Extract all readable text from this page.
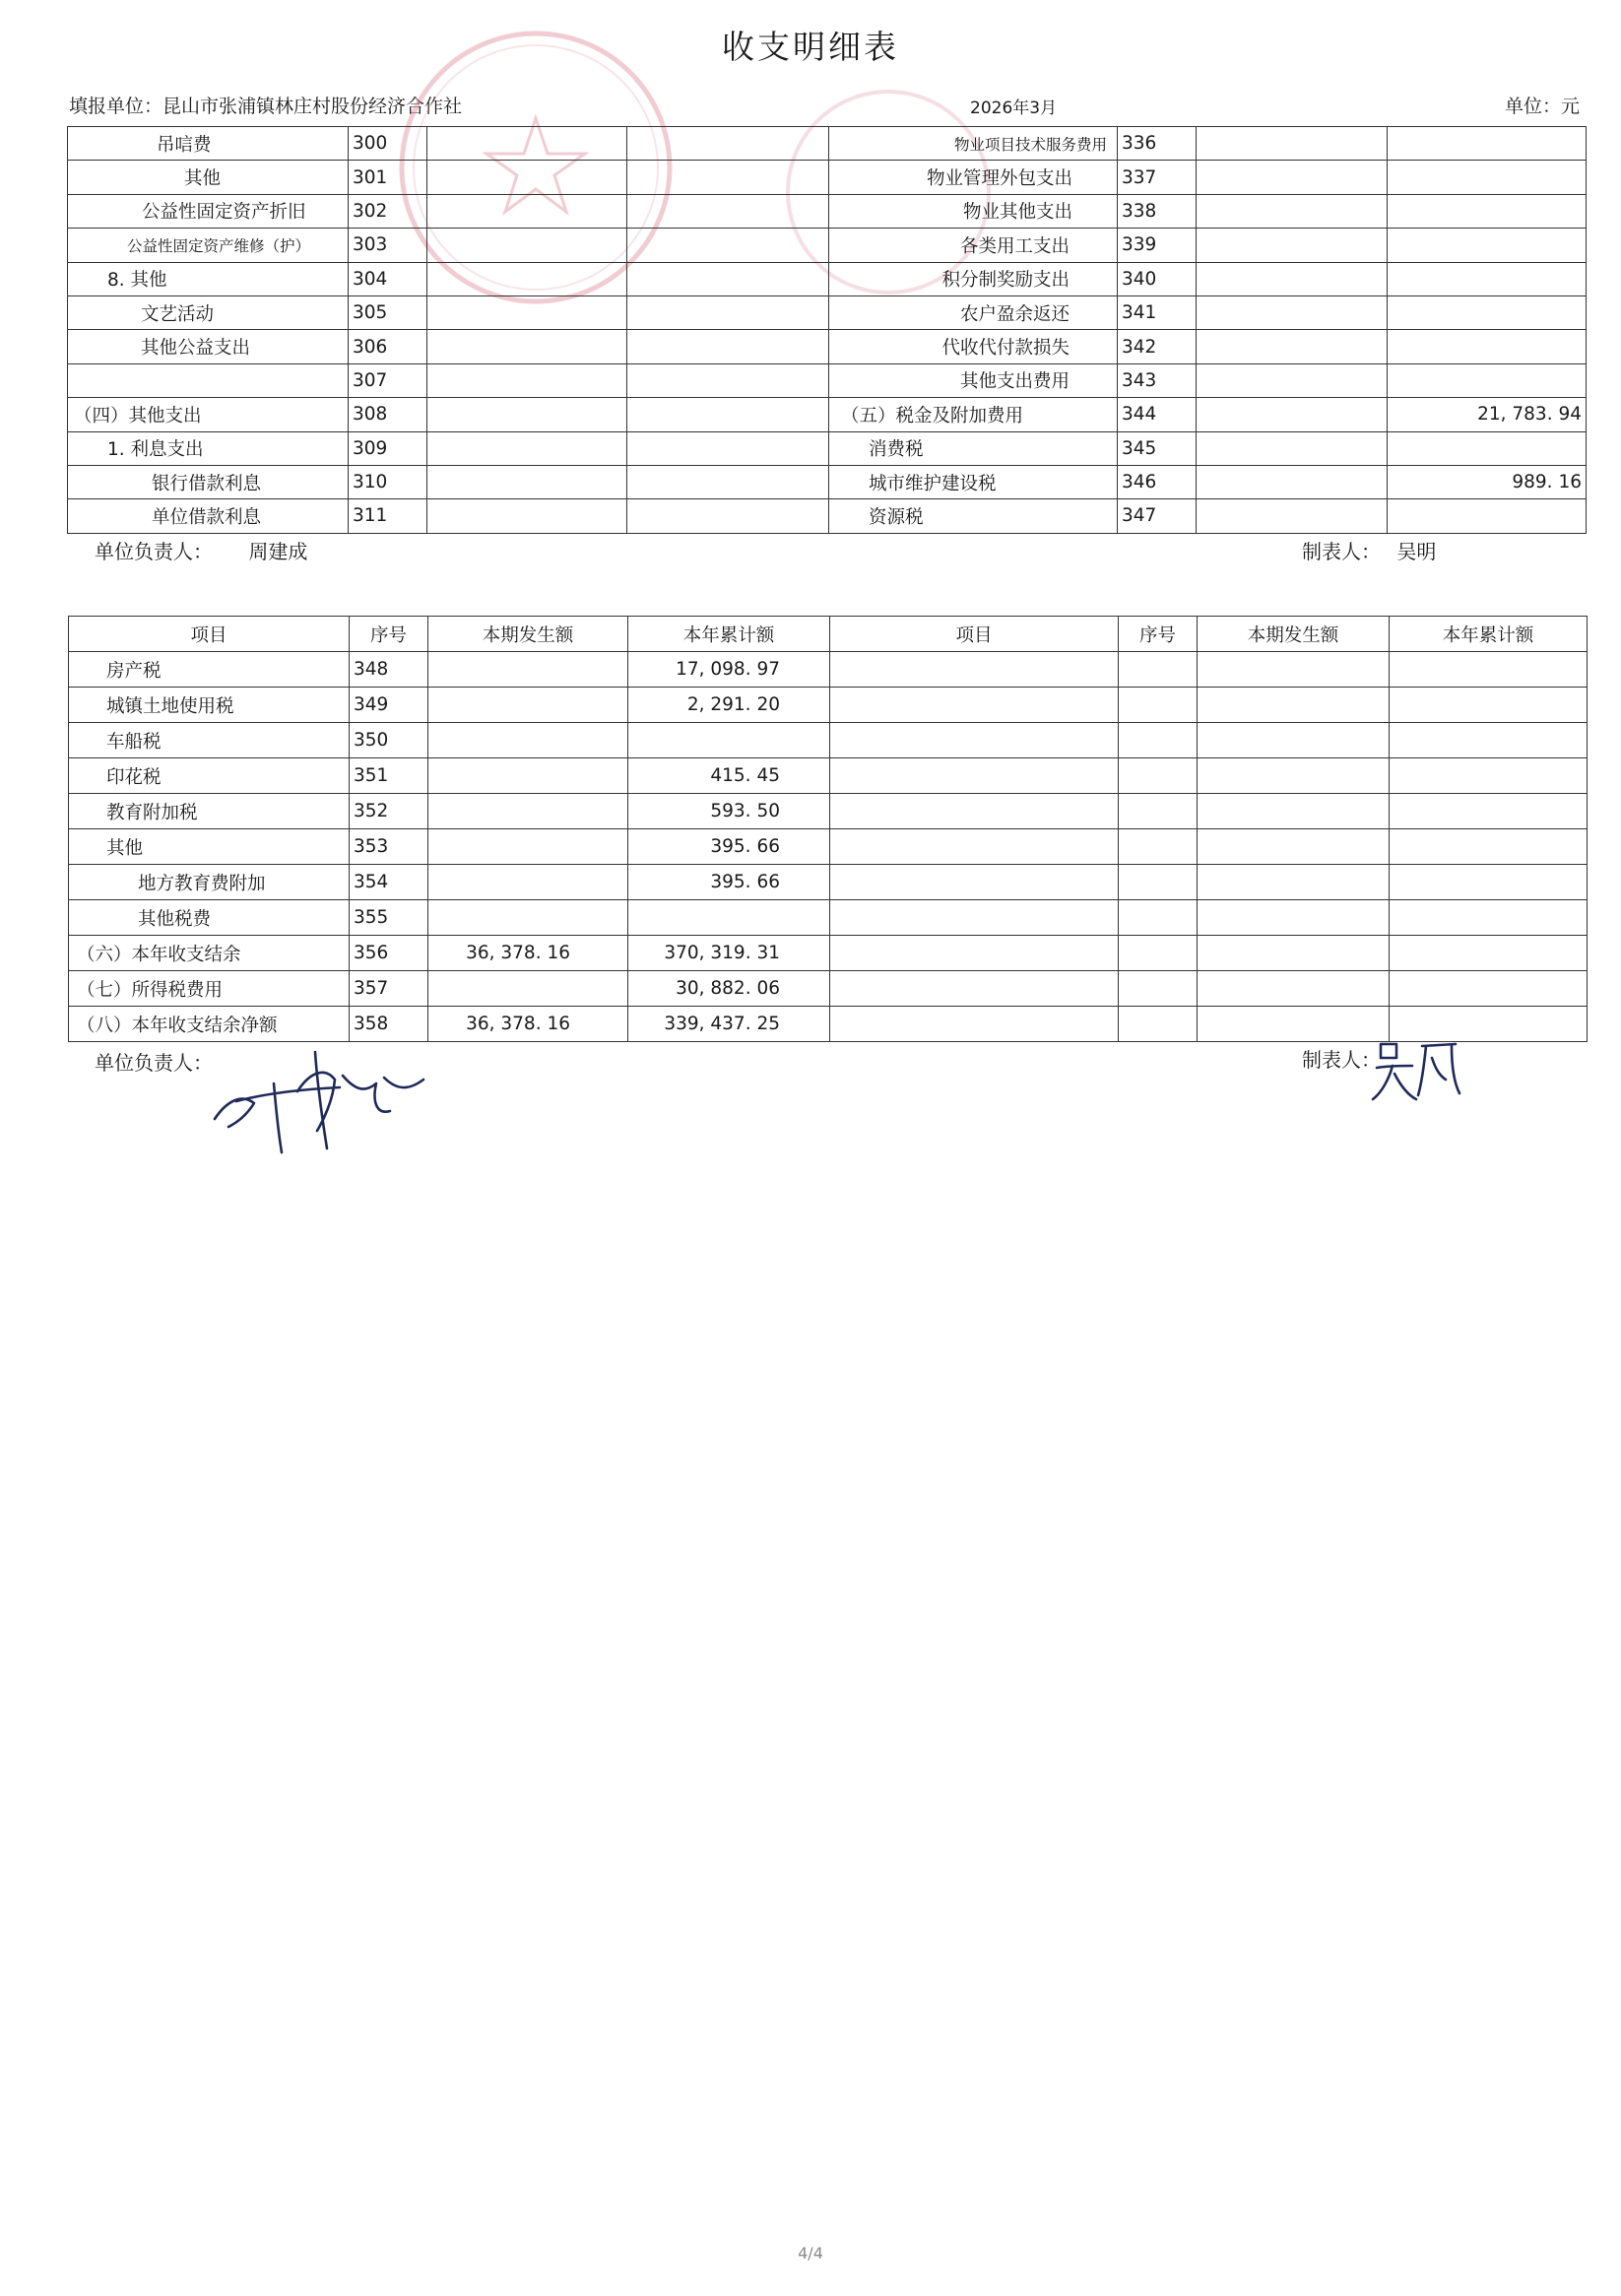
收支明细表
填报单位：昆山市张浦镇林庄村股份经济合作社	2026年3月	单位：元
吊唁费	300			物业项目技术服务费用	336		
其他	301			物业管理外包支出	337		
公益性固定资产折旧	302			物业其他支出	338		
公益性固定资产维修（护）	303			各类用工支出	339		
8. 其他	304			积分制奖励支出	340		
文艺活动	305			农户盈余返还	341		
其他公益支出	306			代收代付款损失	342		
	307			其他支出费用	343		
（四）其他支出	308			（五）税金及附加费用	344		21, 783. 94
1. 利息支出	309			消费税	345		
银行借款利息	310			城市维护建设税	346		989. 16
单位借款利息	311			资源税	347		
单位负责人： 周建成	制表人： 吴明
项目	序号	本期发生额	本年累计额	项目	序号	本期发生额	本年累计额
房产税	348		17, 098. 97				
城镇土地使用税	349		2, 291. 20				
车船税	350						
印花税	351		415. 45				
教育附加税	352		593. 50				
其他	353		395. 66				
地方教育费附加	354		395. 66				
其他税费	355						
（六）本年收支结余	356	36, 378. 16	370, 319. 31				
（七）所得税费用	357		30, 882. 06				
（八）本年收支结余净额	358	36, 378. 16	339, 437. 25				
单位负责人：	制表人：
4/4
